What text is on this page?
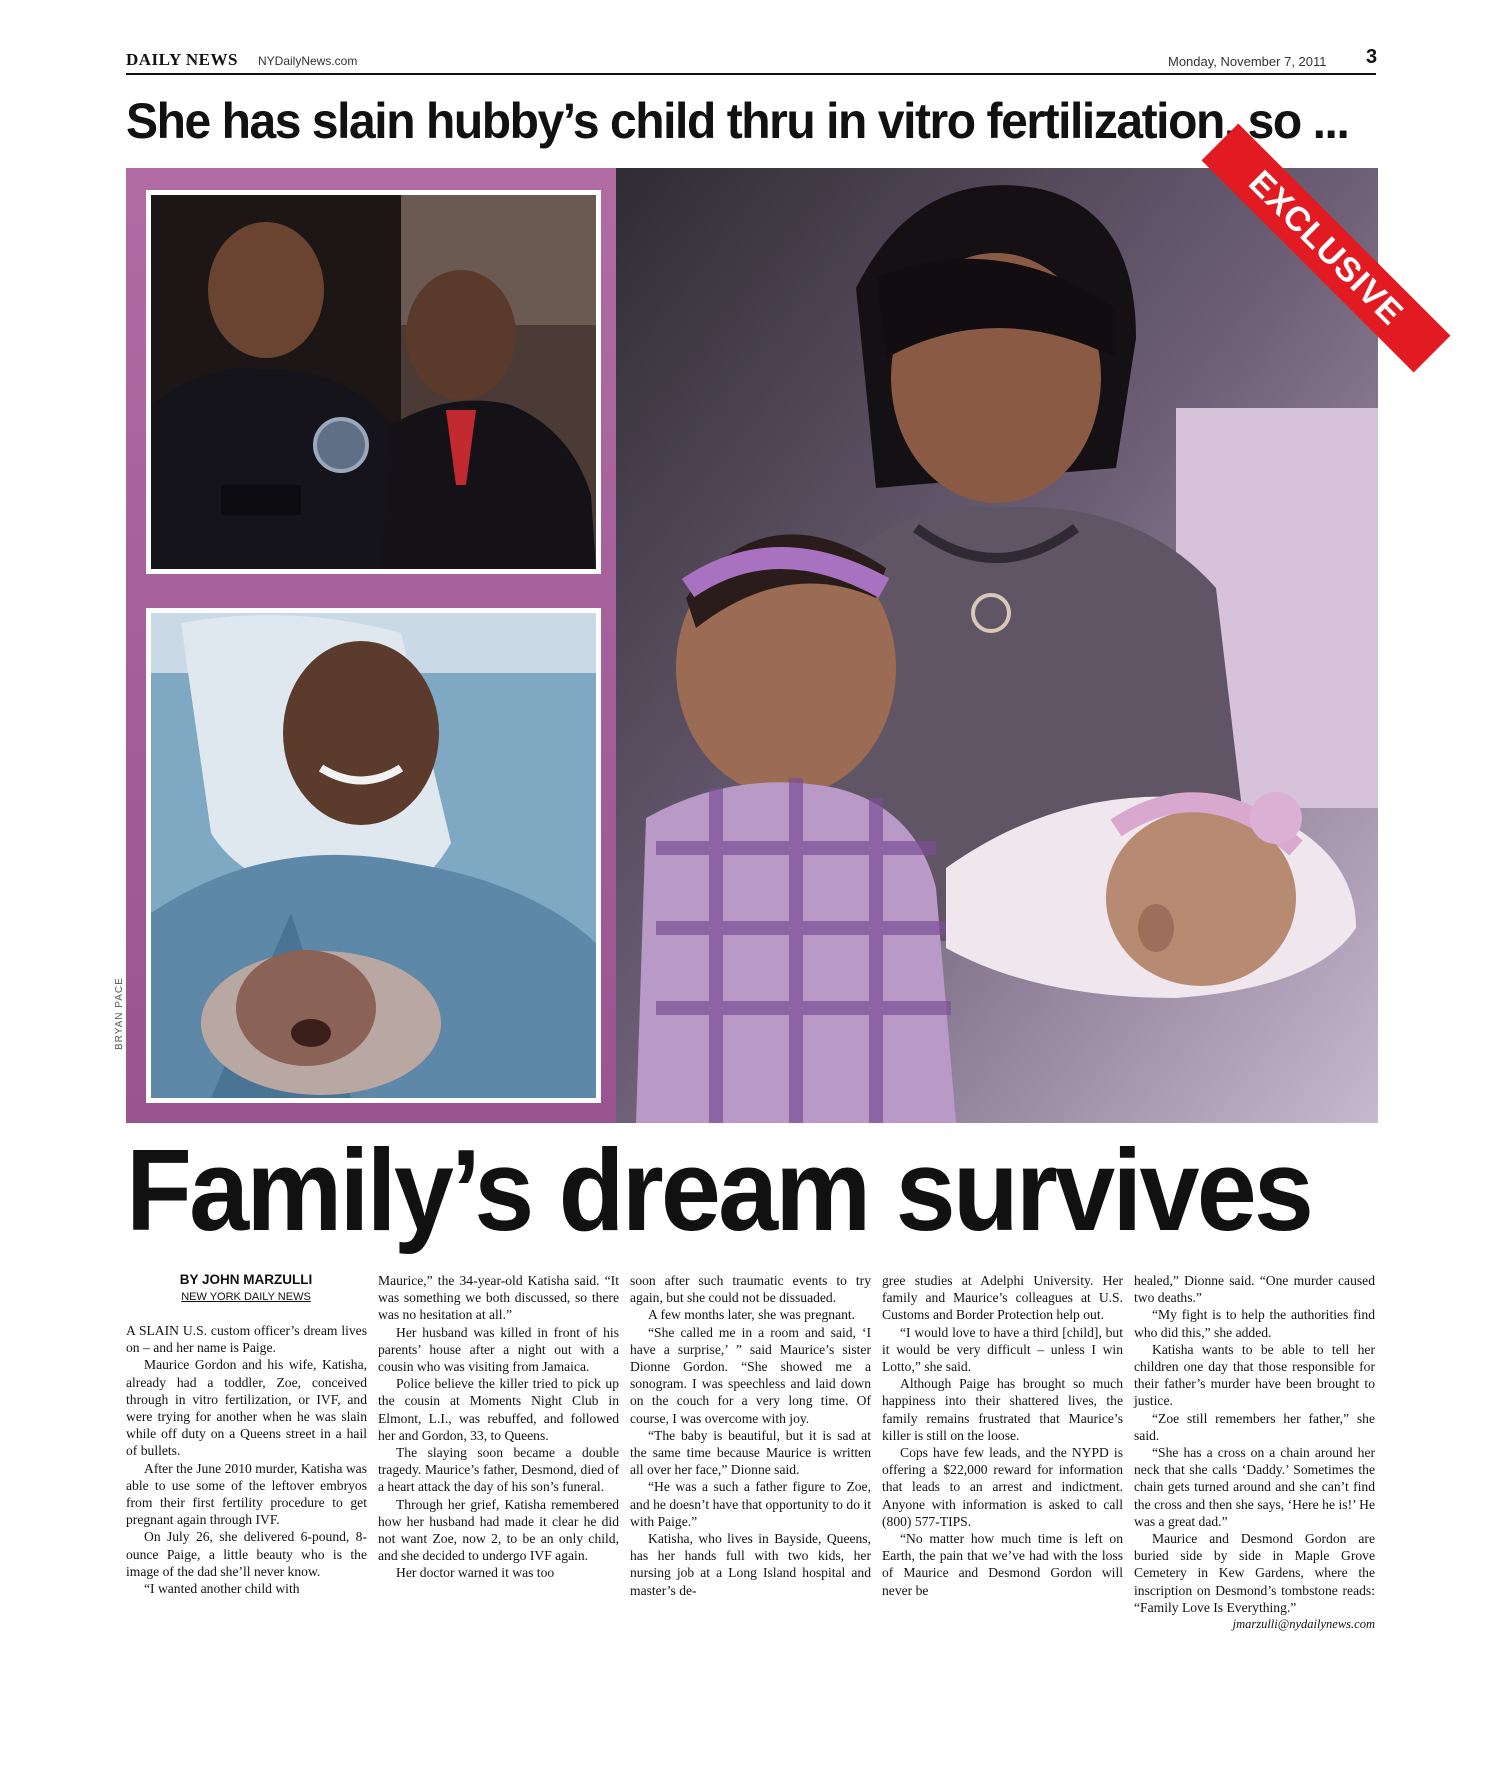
DAILY NEWS NYDailyNews.com	Monday, November 7, 2011 3
She has slain hubby’s child thru in vitro fertilization, so ...
EXCLUSIVE
BRYAN PACE
Family’s dream survives
BY JOHN MARZULLI
NEW YORK DAILY NEWS

A SLAIN U.S. custom officer’s dream lives on – and her name is Paige.

Maurice Gordon and his wife, Katisha, already had a toddler, Zoe, conceived through in vitro fertilization, or IVF, and were trying for another when he was slain while off duty on a Queens street in a hail of bullets.

After the June 2010 murder, Katisha was able to use some of the leftover embryos from their first fertility procedure to get pregnant again through IVF.

On July 26, she delivered 6-pound, 8-ounce Paige, a little beauty who is the image of the dad she’ll never know.

“I wanted another child with

Maurice,” the 34-year-old Katisha said. “It was something we both discussed, so there was no hesitation at all.”

Her husband was killed in front of his parents’ house after a night out with a cousin who was visiting from Jamaica.

Police believe the killer tried to pick up the cousin at Moments Night Club in Elmont, L.I., was rebuffed, and followed her and Gordon, 33, to Queens.

The slaying soon became a double tragedy. Maurice’s father, Desmond, died of a heart attack the day of his son’s funeral.

Through her grief, Katisha remembered how her husband had made it clear he did not want Zoe, now 2, to be an only child, and she decided to undergo IVF again.

Her doctor warned it was too

soon after such traumatic events to try again, but she could not be dissuaded.

A few months later, she was pregnant.

“She called me in a room and said, ‘I have a surprise,’ ” said Maurice’s sister Dionne Gordon. “She showed me a sonogram. I was speechless and laid down on the couch for a very long time. Of course, I was overcome with joy.

“The baby is beautiful, but it is sad at the same time because Maurice is written all over her face,” Dionne said.

“He was a such a father figure to Zoe, and he doesn’t have that opportunity to do it with Paige.”

Katisha, who lives in Bayside, Queens, has her hands full with two kids, her nursing job at a Long Island hospital and master’s de-

gree studies at Adelphi University. Her family and Maurice’s colleagues at U.S. Customs and Border Protection help out.

“I would love to have a third [child], but it would be very difficult – unless I win Lotto,” she said.

Although Paige has brought so much happiness into their shattered lives, the family remains frustrated that Maurice’s killer is still on the loose.

Cops have few leads, and the NYPD is offering a $22,000 reward for information that leads to an arrest and indictment. Anyone with information is asked to call (800) 577-TIPS.

“No matter how much time is left on Earth, the pain that we’ve had with the loss of Maurice and Desmond Gordon will never be

healed,” Dionne said. “One murder caused two deaths.”

“My fight is to help the authorities find who did this,” she added.

Katisha wants to be able to tell her children one day that those responsible for their father’s murder have been brought to justice.

“Zoe still remembers her father,” she said.

“She has a cross on a chain around her neck that she calls ‘Daddy.’ Sometimes the chain gets turned around and she can’t find the cross and then she says, ‘Here he is!’ He was a great dad.”

Maurice and Desmond Gordon are buried side by side in Maple Grove Cemetery in Kew Gardens, where the inscription on Desmond’s tombstone reads: “Family Love Is Everything.”

jmarzulli@nydailynews.com
